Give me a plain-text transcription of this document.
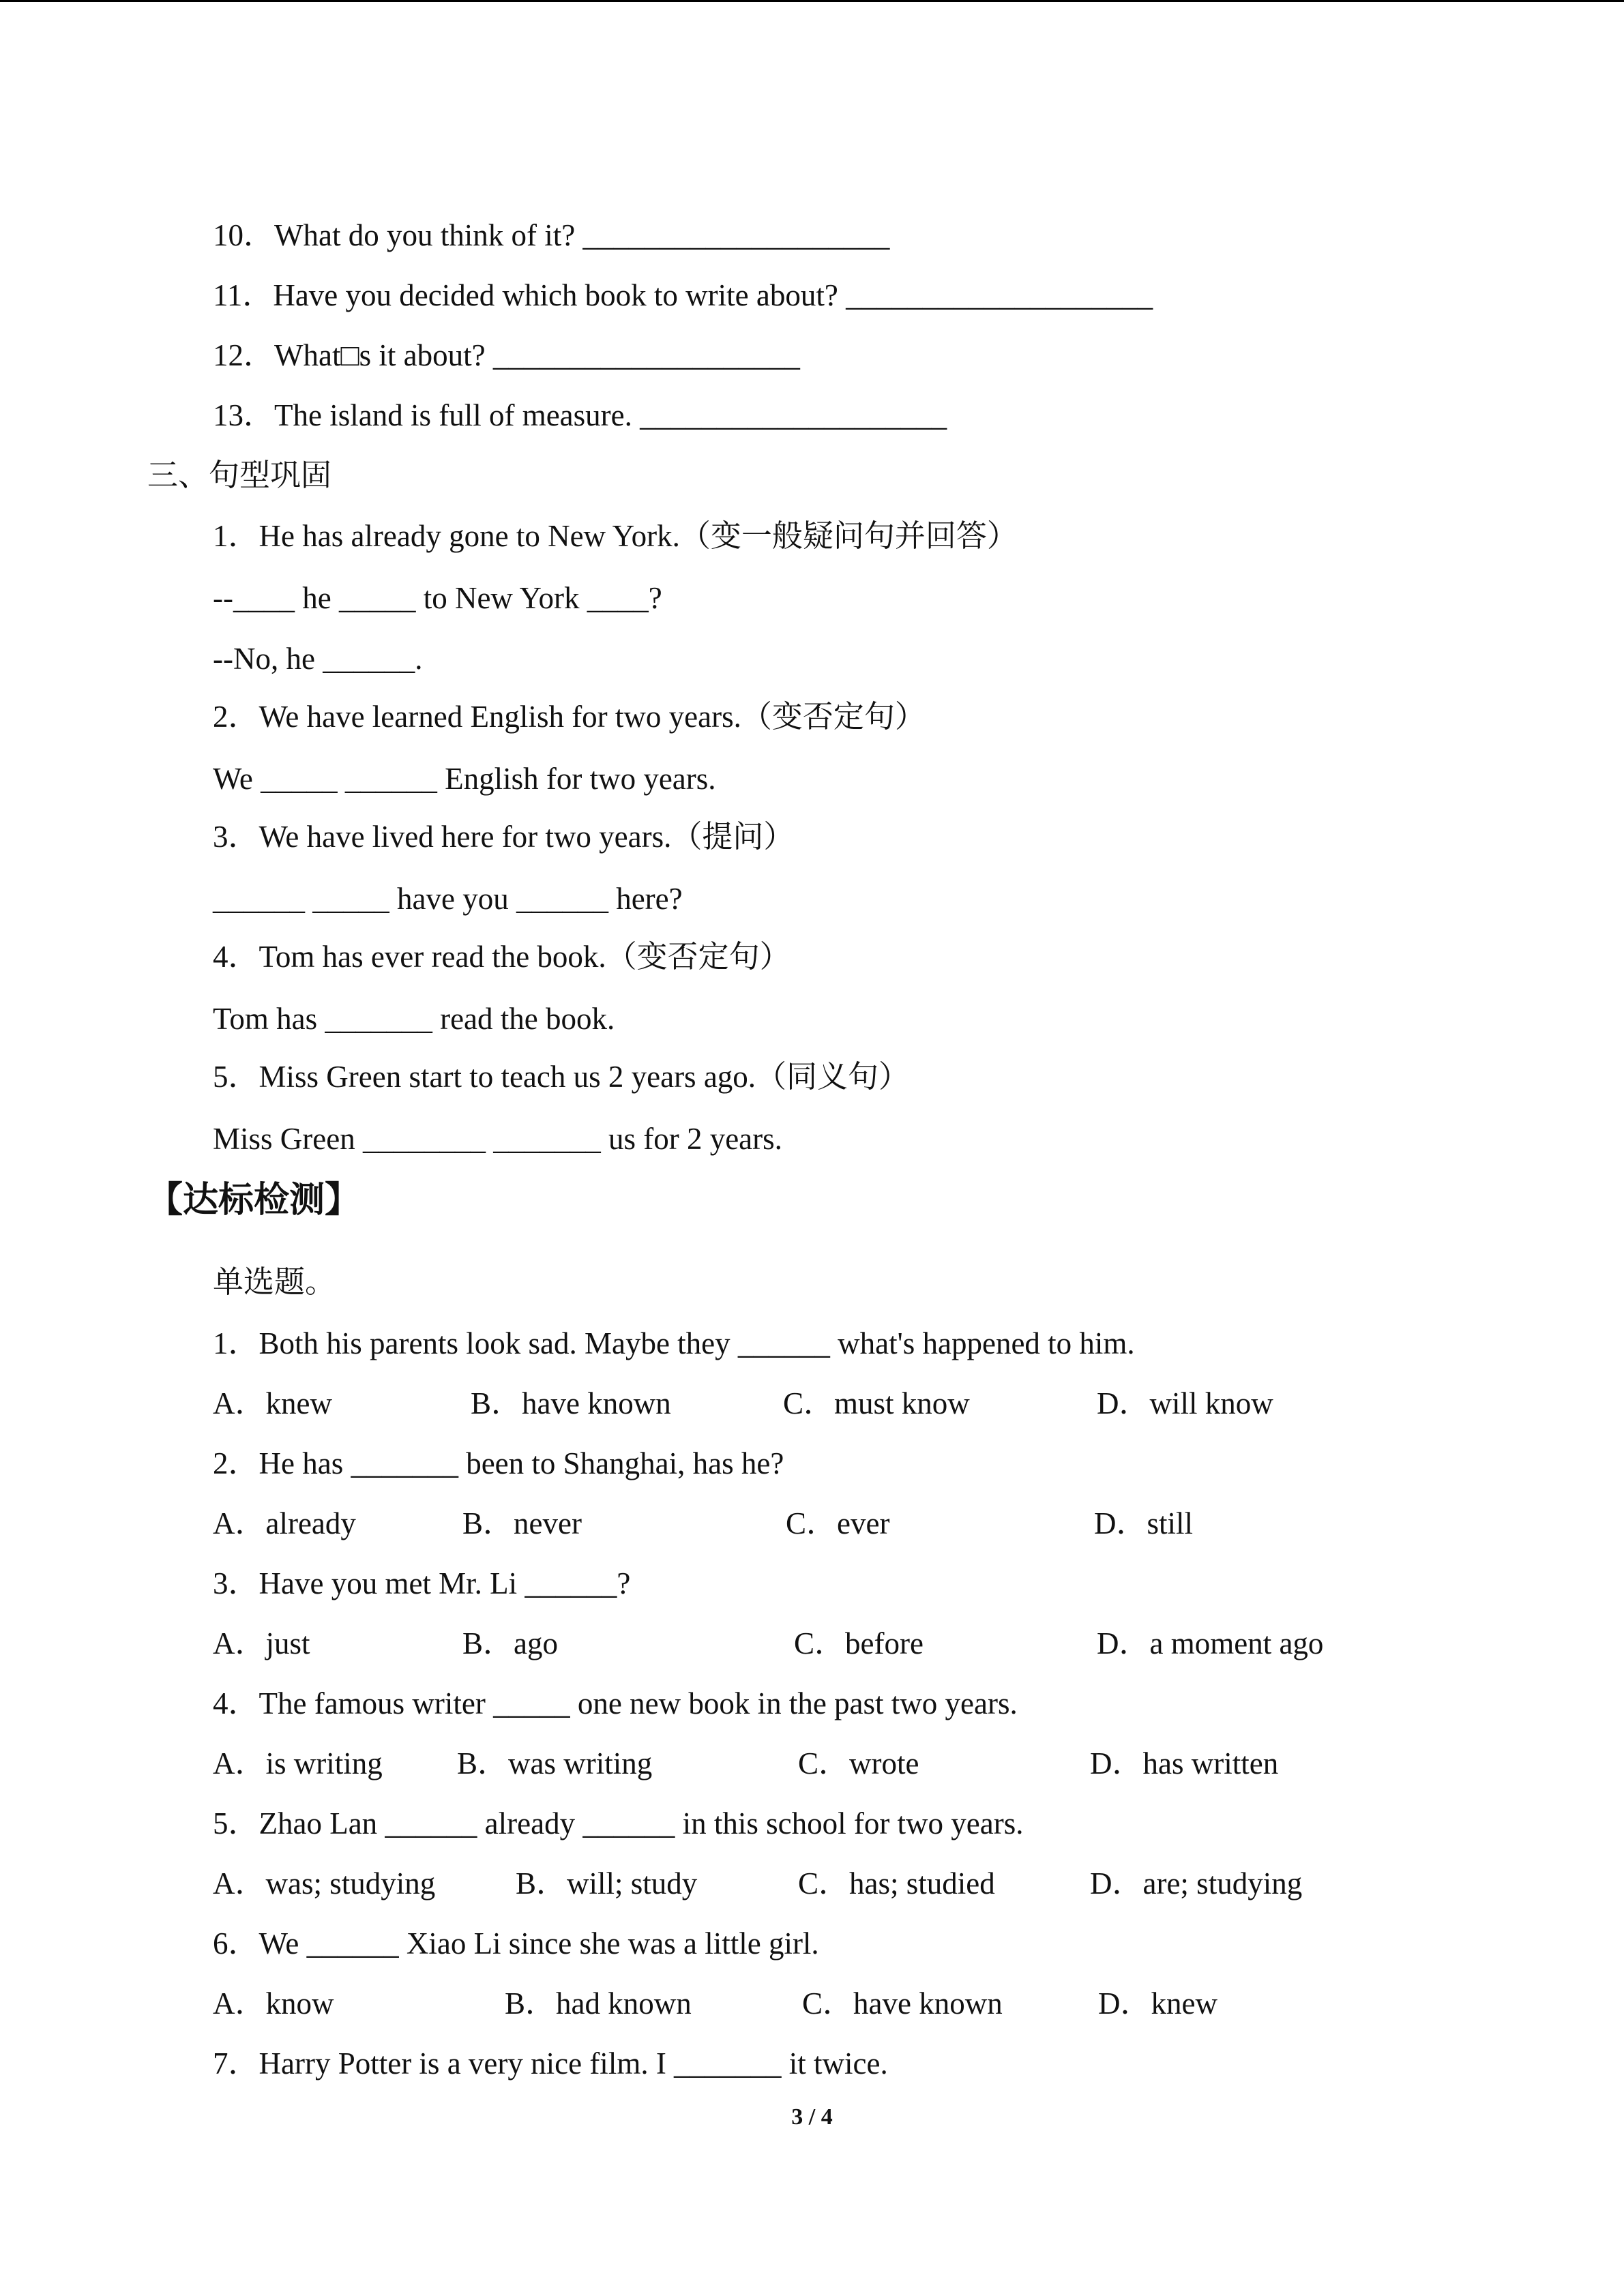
10．What do you think of it? ____________________
11．Have you decided which book to write about? ____________________
12．What□s it about? ____________________
13．The island is full of measure. ____________________
三、句型巩固
1．He has already gone to New York.（变一般疑问句并回答）
--____ he _____ to New York ____?
--No, he ______.
2．We have learned English for two years.（变否定句）
We _____ ______ English for two years.
3．We have lived here for two years.（提问）
______ _____ have you ______ here?
4．Tom has ever read the book.（变否定句）
Tom has _______ read the book.
5．Miss Green start to teach us 2 years ago.（同义句）
Miss Green ________ _______ us for 2 years.
【达标检测】
单选题。
1．Both his parents look sad. Maybe they ______ what's happened to him.
A．knew	B．have known	C．must know	D．will know
2．He has _______ been to Shanghai, has he?
A．already	B．never	C．ever	D．still
3．Have you met Mr. Li ______?
A．just	B．ago	C．before	D．a moment ago
4．The famous writer _____ one new book in the past two years.
A．is writing B．was writing	C．wrote	D．has written
5．Zhao Lan ______ already ______ in this school for two years.
A．was; studying	B．will; study	C．has; studied	D．are; studying
6．We ______ Xiao Li since she was a little girl.
A．know	B．had known	C．have known	D．knew
7．Harry Potter is a very nice film. I _______ it twice.
3 / 4
